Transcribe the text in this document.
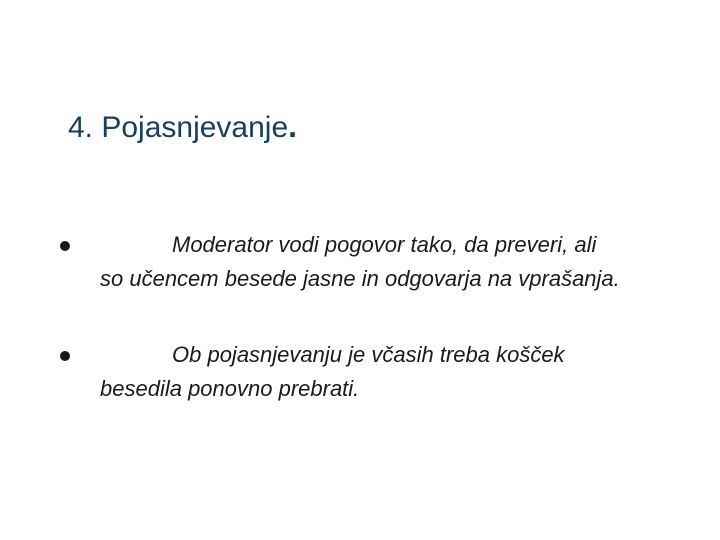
4. Pojasnjevanje.
Moderator vodi pogovor tako, da preveri, ali so učencem besede jasne in odgovarja na vprašanja.
Ob pojasnjevanju je včasih treba košček besedila ponovno prebrati.
